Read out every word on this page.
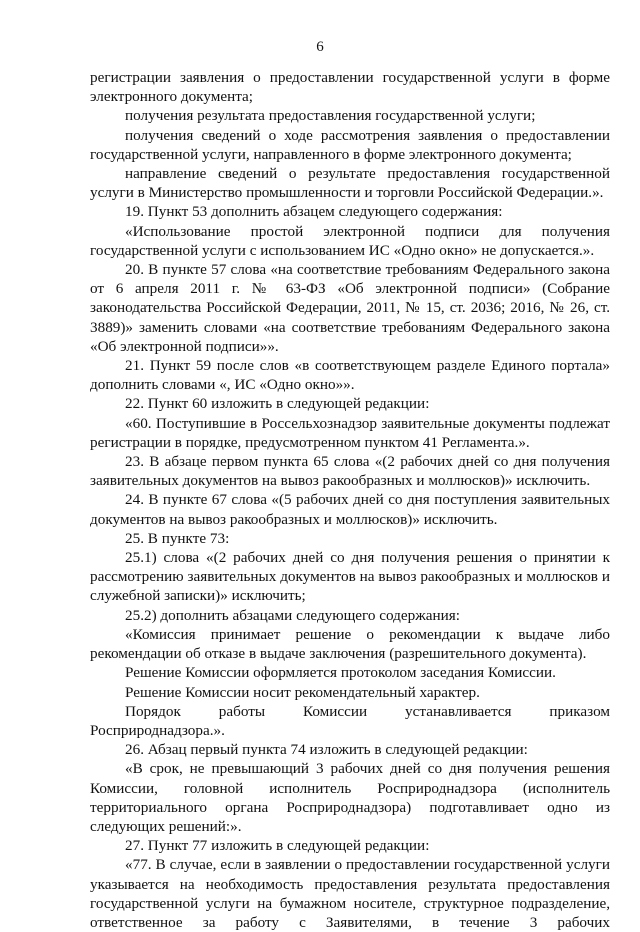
6

регистрации заявления о предоставлении государственной услуги в форме электронного документа;

получения результата предоставления государственной услуги;

получения сведений о ходе рассмотрения заявления о предоставлении государственной услуги, направленного в форме электронного документа;

направление сведений о результате предоставления государственной услуги в Министерство промышленности и торговли Российской Федерации.».

19. Пункт 53 дополнить абзацем следующего содержания:

«Использование простой электронной подписи для получения государственной услуги с использованием ИС «Одно окно» не допускается.».

20. В пункте 57 слова «на соответствие требованиям Федерального закона от 6 апреля 2011 г. № 63-ФЗ «Об электронной подписи» (Собрание законодательства Российской Федерации, 2011, № 15, ст. 2036; 2016, № 26, ст. 3889)» заменить словами «на соответствие требованиям Федерального закона «Об электронной подписи»».

21. Пункт 59 после слов «в соответствующем разделе Единого портала» дополнить словами «, ИС «Одно окно»».

22. Пункт 60 изложить в следующей редакции:

«60. Поступившие в Россельхознадзор заявительные документы подлежат регистрации в порядке, предусмотренном пунктом 41 Регламента.».

23. В абзаце первом пункта 65 слова «(2 рабочих дней со дня получения заявительных документов на вывоз ракообразных и моллюсков)» исключить.

24. В пункте 67 слова «(5 рабочих дней со дня поступления заявительных документов на вывоз ракообразных и моллюсков)» исключить.

25. В пункте 73:

25.1) слова «(2 рабочих дней со дня получения решения о принятии к рассмотрению заявительных документов на вывоз ракообразных и моллюсков и служебной записки)» исключить;

25.2) дополнить абзацами следующего содержания:

«Комиссия принимает решение о рекомендации к выдаче либо рекомендации об отказе в выдаче заключения (разрешительного документа).

Решение Комиссии оформляется протоколом заседания Комиссии.

Решение Комиссии носит рекомендательный характер.

Порядок работы Комиссии устанавливается приказом Росприроднадзора.».

26. Абзац первый пункта 74 изложить в следующей редакции:

«В срок, не превышающий 3 рабочих дней со дня получения решения Комиссии, головной исполнитель Росприроднадзора (исполнитель территориального органа Росприроднадзора) подготавливает одно из следующих решений:».

27. Пункт 77 изложить в следующей редакции:

«77. В случае, если в заявлении о предоставлении государственной услуги указывается на необходимость предоставления результата предоставления государственной услуги на бумажном носителе, структурное подразделение, ответственное за работу с Заявителями, в течение 3 рабочих
